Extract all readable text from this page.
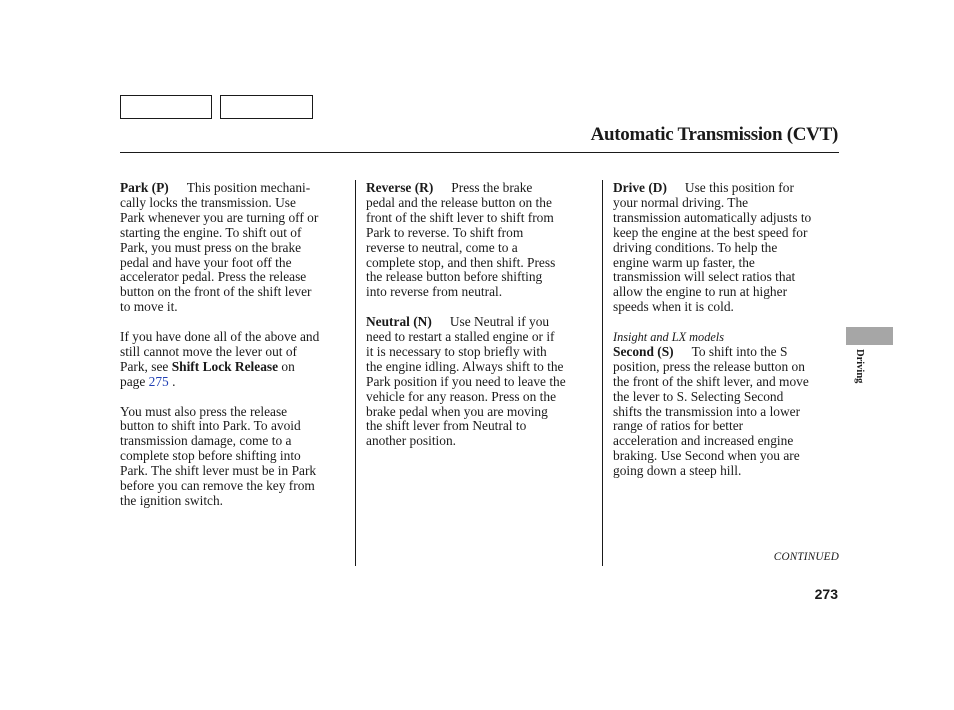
Automatic Transmission (CVT)

Park (P) This position mechani-
cally locks the transmission. Use
Park whenever you are turning off or
starting the engine. To shift out of
Park, you must press on the brake
pedal and have your foot off the
accelerator pedal. Press the release
button on the front of the shift lever
to move it.

If you have done all of the above and
still cannot move the lever out of
Park, see Shift Lock Release on
page 275 .

You must also press the release
button to shift into Park. To avoid
transmission damage, come to a
complete stop before shifting into
Park. The shift lever must be in Park
before you can remove the key from
the ignition switch.

Reverse (R) Press the brake
pedal and the release button on the
front of the shift lever to shift from
Park to reverse. To shift from
reverse to neutral, come to a
complete stop, and then shift. Press
the release button before shifting
into reverse from neutral.

Neutral (N) Use Neutral if you
need to restart a stalled engine or if
it is necessary to stop briefly with
the engine idling. Always shift to the
Park position if you need to leave the
vehicle for any reason. Press on the
brake pedal when you are moving
the shift lever from Neutral to
another position.

Drive (D) Use this position for
your normal driving. The
transmission automatically adjusts to
keep the engine at the best speed for
driving conditions. To help the
engine warm up faster, the
transmission will select ratios that
allow the engine to run at higher
speeds when it is cold.

Insight and LX models

Second (S) To shift into the S
position, press the release button on
the front of the shift lever, and move
the lever to S. Selecting Second
shifts the transmission into a lower
range of ratios for better
acceleration and increased engine
braking. Use Second when you are
going down a steep hill.

Driving
CONTINUED
273
